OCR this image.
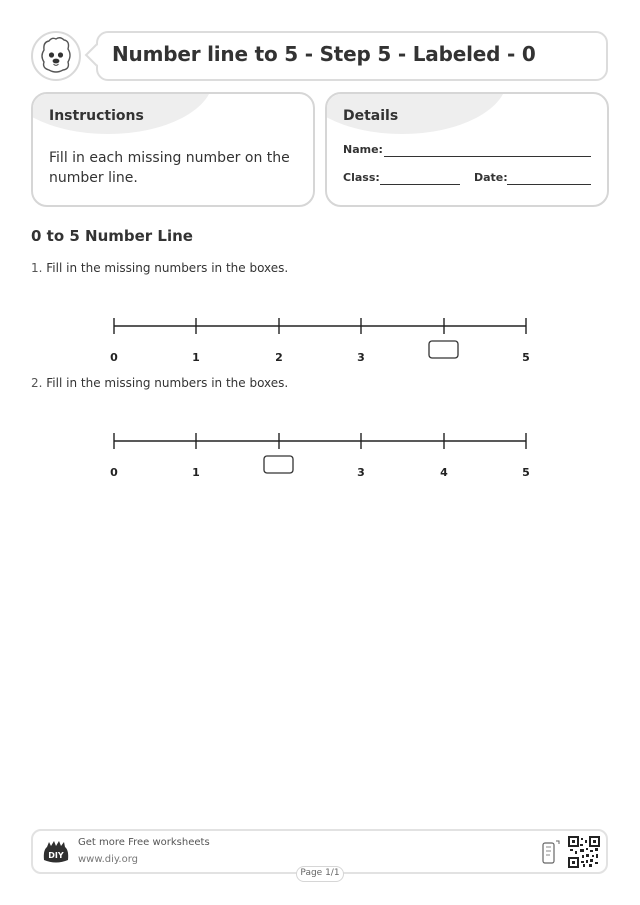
Number line to 5 - Step 5 - Labeled - 0
Instructions
Fill in each missing number on the number line.
Details
Name:
Class:	Date:
0 to 5 Number Line
1. Fill in the missing numbers in the boxes.
0	1	2	3	5
2. Fill in the missing numbers in the boxes.
0	1	3	4	5
DIY
Get more Free worksheets
www.diy.org
Page 1/1
